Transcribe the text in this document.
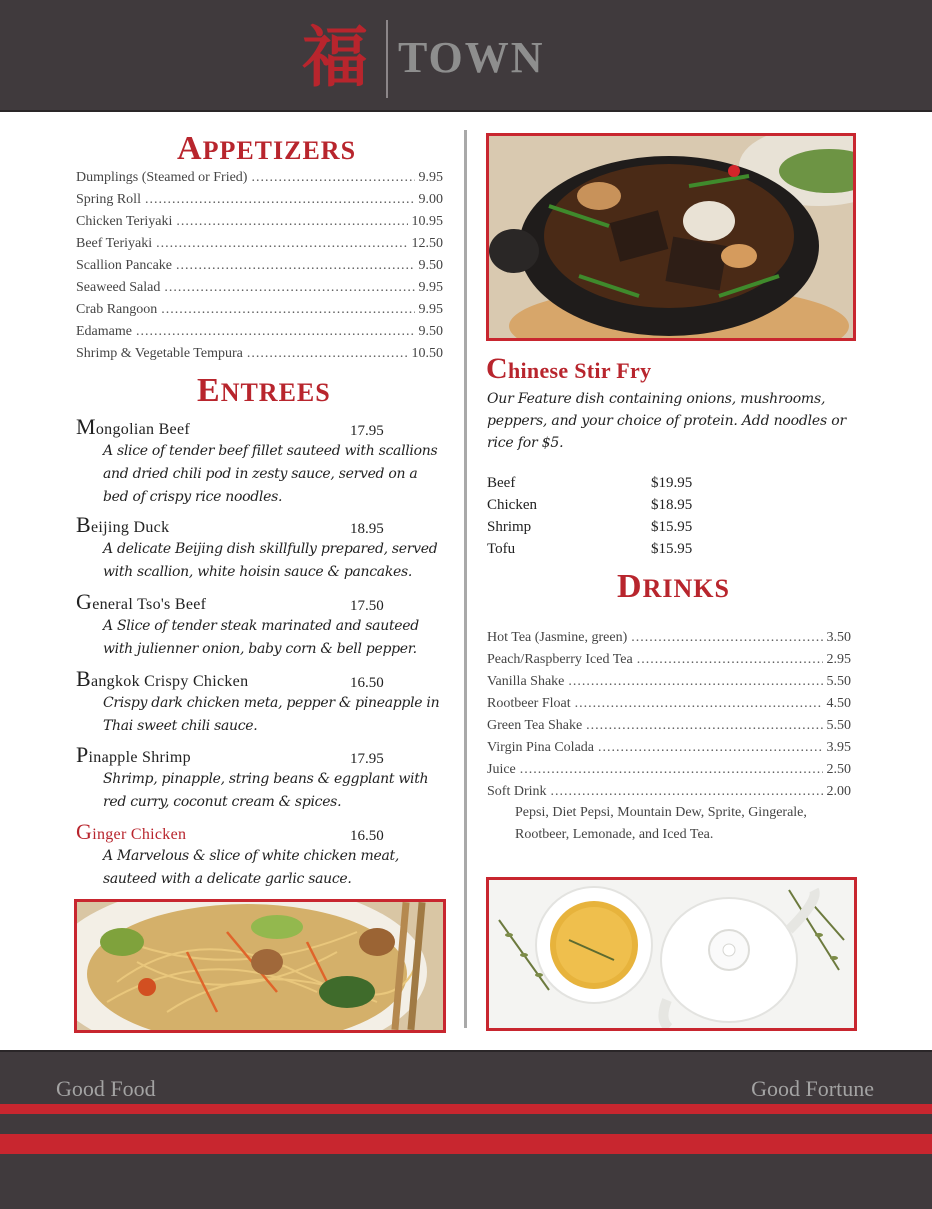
福 TOWN
APPETIZERS
Dumplings (Steamed or Fried) .....	9.95
Spring Roll .....	9.00
Chicken Teriyaki .....	10.95
Beef Teriyaki .....	12.50
Scallion Pancake .....	9.50
Seaweed Salad .....	9.95
Crab Rangoon .....	9.95
Edamame .....	9.50
Shrimp & Vegetable Tempura .....	10.50
ENTREES
Mongolian Beef	17.95
A slice of tender beef fillet sauteed with scallions and dried chili pod in zesty sauce, served on a bed of crispy rice noodles.
Beijing Duck	18.95
A delicate Beijing dish skillfully prepared, served with scallion, white hoisin sauce & pancakes.
General Tso's Beef	17.50
A Slice of tender steak marinated and sauteed with julienner onion, baby corn & bell pepper.
Bangkok Crispy Chicken	16.50
Crispy dark chicken meta, pepper & pineapple in Thai sweet chili sauce.
Pinapple Shrimp	17.95
Shrimp, pinapple, string beans & eggplant with red curry, coconut cream & spices.
Ginger Chicken	16.50
A Marvelous & slice of white chicken meat, sauteed with a delicate garlic sauce.
Chinese Stir Fry
Our Feature dish containing onions, mushrooms, peppers, and your choice of protein. Add noodles or rice for $5.
Beef	$19.95
Chicken	$18.95
Shrimp	$15.95
Tofu	$15.95
DRINKS
Hot Tea (Jasmine, green) .....	3.50
Peach/Raspberry Iced Tea .....	2.95
Vanilla Shake .....	5.50
Rootbeer Float .....	4.50
Green Tea Shake .....	5.50
Virgin Pina Colada .....	3.95
Juice .....	2.50
Soft Drink .....	2.00
Pepsi, Diet Pepsi, Mountain Dew, Sprite, Gingerale, Rootbeer, Lemonade, and Iced Tea.
Good Food	Good Fortune
